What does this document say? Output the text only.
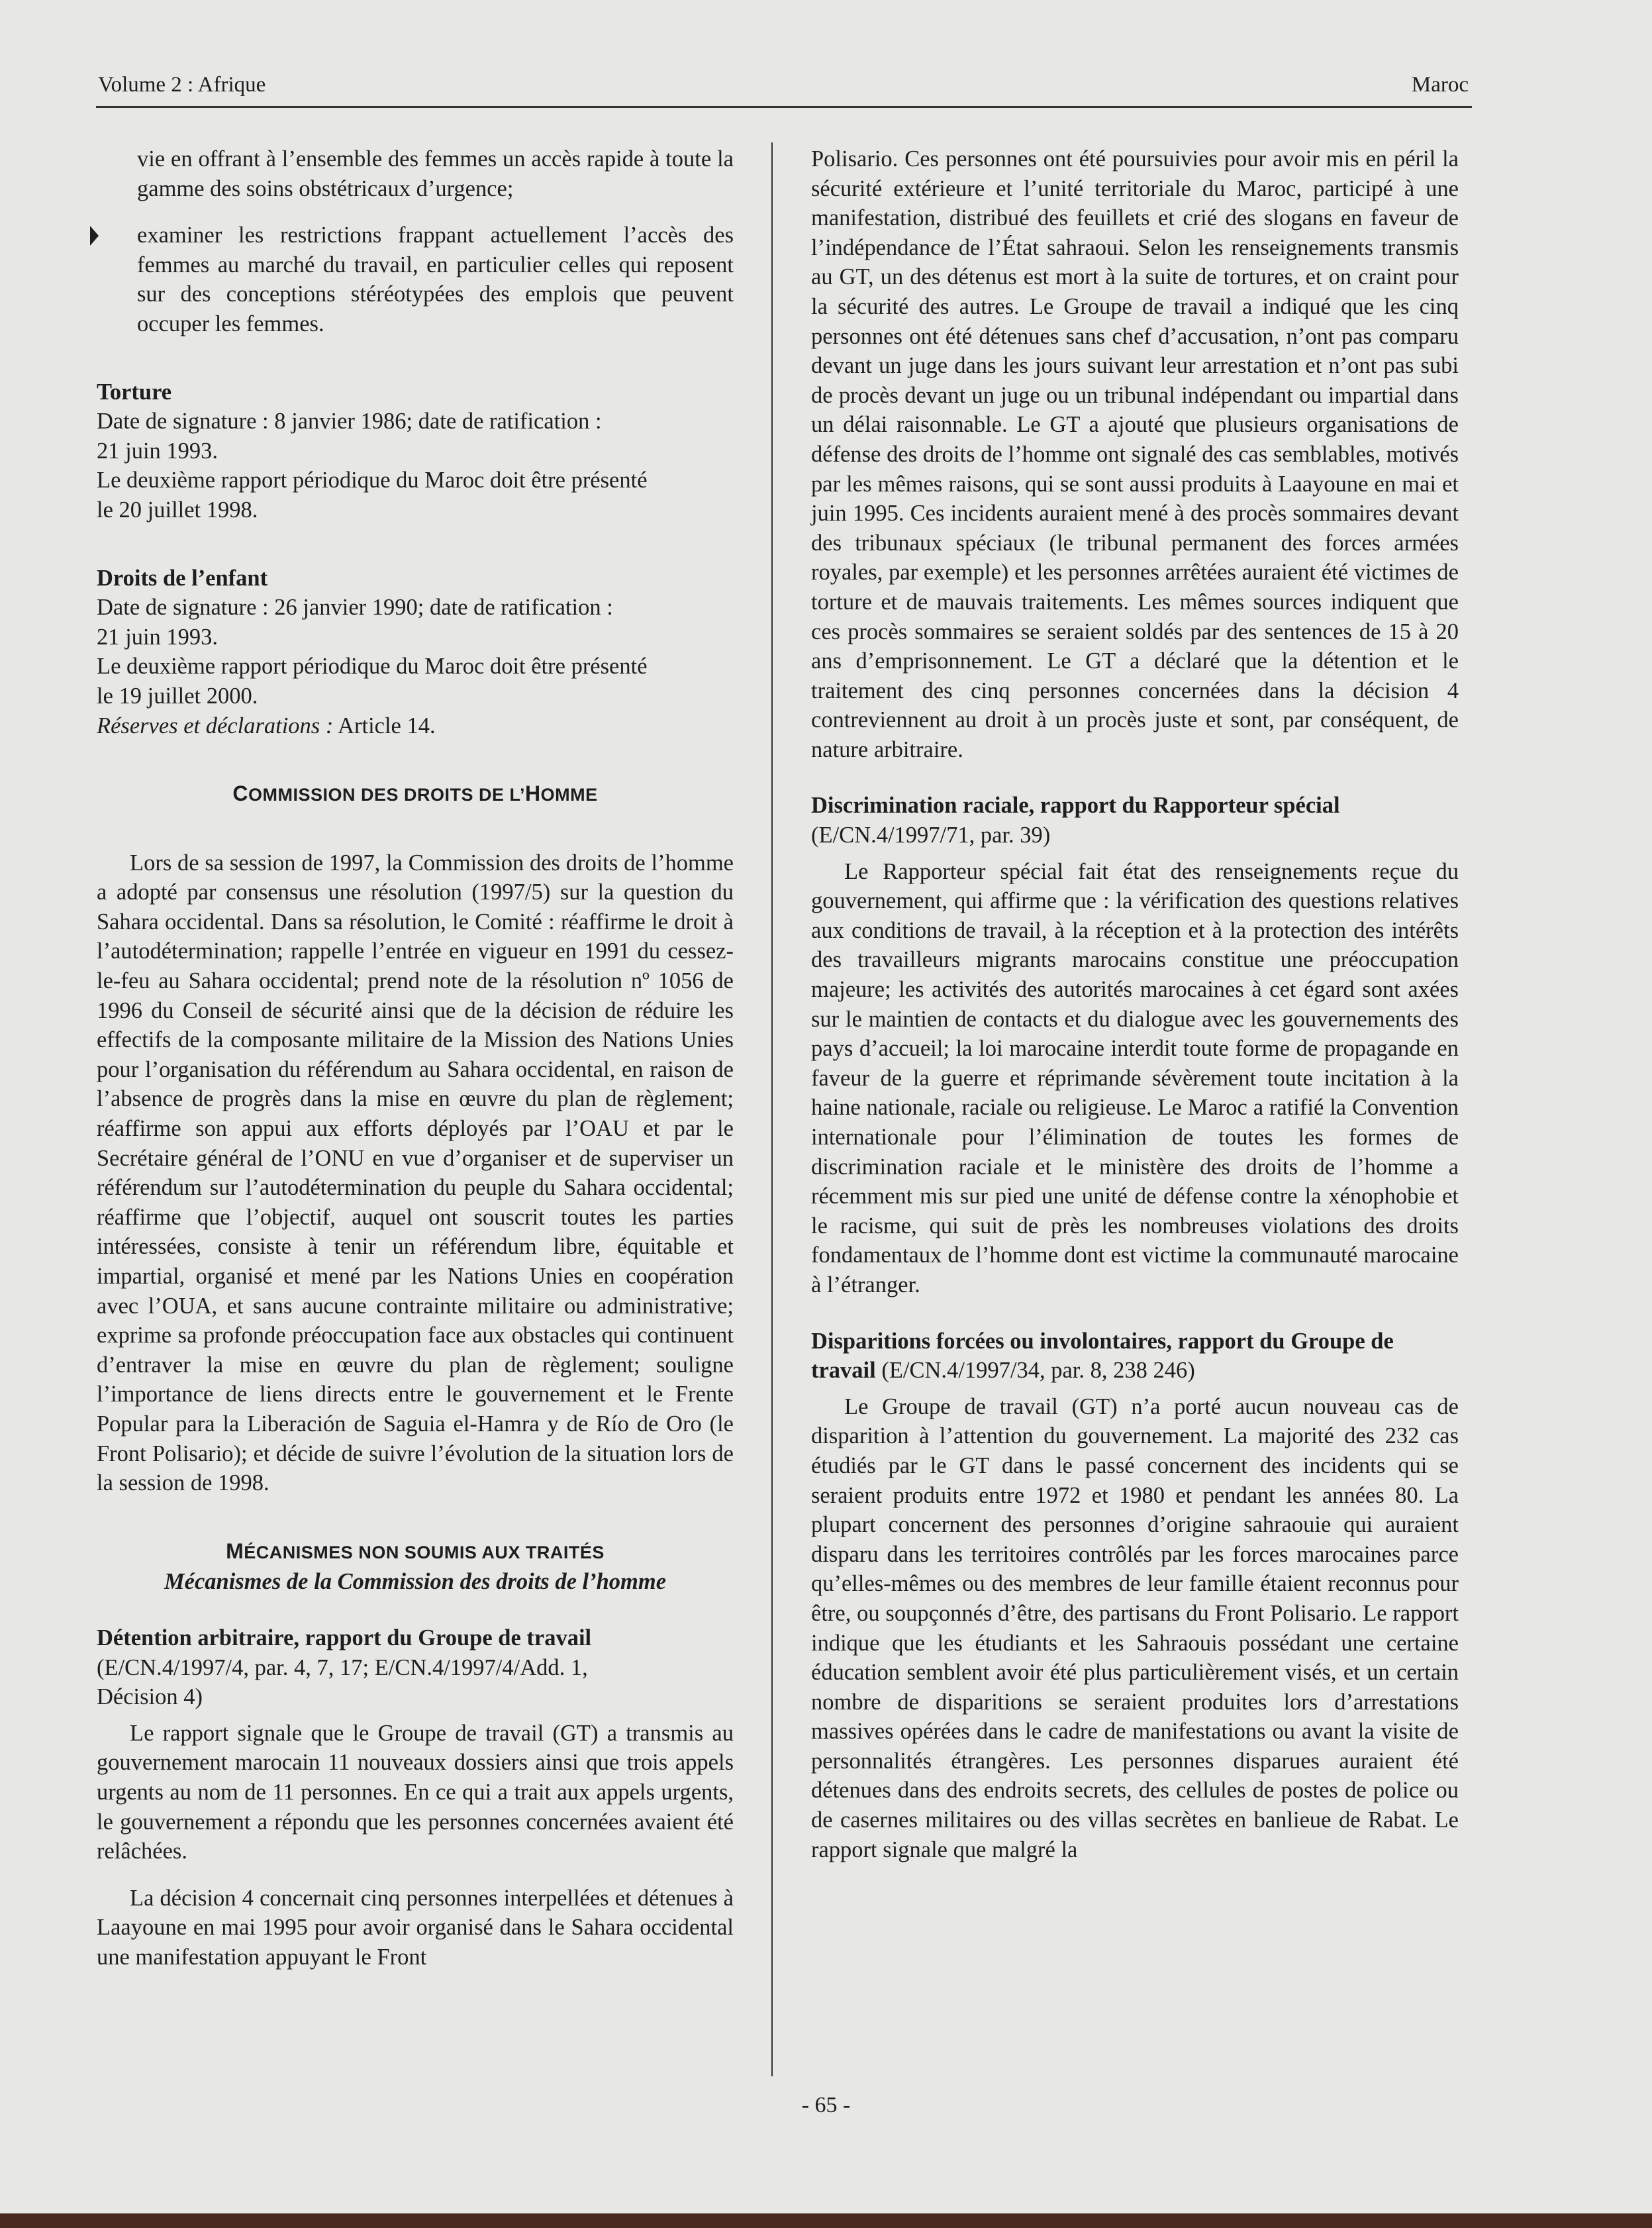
Volume 2 : Afrique	Maroc

vie en offrant à l’ensemble des femmes un accès rapide à toute la gamme des soins obstétricaux d’urgence;

examiner les restrictions frappant actuellement l’accès des femmes au marché du travail, en particulier celles qui reposent sur des conceptions stéréotypées des emplois que peuvent occuper les femmes.

Torture
Date de signature : 8 janvier 1986; date de ratification :
21 juin 1993.
Le deuxième rapport périodique du Maroc doit être présenté
le 20 juillet 1998.
Droits de l’enfant
Date de signature : 26 janvier 1990; date de ratification :
21 juin 1993.
Le deuxième rapport périodique du Maroc doit être présenté
le 19 juillet 2000.
Réserves et déclarations : Article 14.
COMMISSION DES DROITS DE L’HOMME

Lors de sa session de 1997, la Commission des droits de l’homme a adopté par consensus une résolution (1997/5) sur la question du Sahara occidental. Dans sa résolution, le Comité : réaffirme le droit à l’autodétermination; rappelle l’entrée en vigueur en 1991 du cessez-le-feu au Sahara occidental; prend note de la résolution nº 1056 de 1996 du Conseil de sécurité ainsi que de la décision de réduire les effectifs de la composante militaire de la Mission des Nations Unies pour l’organisation du référendum au Sahara occidental, en raison de l’absence de progrès dans la mise en œuvre du plan de règlement; réaffirme son appui aux efforts déployés par l’OAU et par le Secrétaire général de l’ONU en vue d’organiser et de superviser un référendum sur l’autodétermination du peuple du Sahara occidental; réaffirme que l’objectif, auquel ont souscrit toutes les parties intéressées, consiste à tenir un référendum libre, équitable et impartial, organisé et mené par les Nations Unies en coopération avec l’OUA, et sans aucune contrainte militaire ou administrative; exprime sa profonde préoccupation face aux obstacles qui continuent d’entraver la mise en œuvre du plan de règlement; souligne l’importance de liens directs entre le gouvernement et le Frente Popular para la Liberación de Saguia el-Hamra y de Río de Oro (le Front Polisario); et décide de suivre l’évolution de la situation lors de la session de 1998.

MÉCANISMES NON SOUMIS AUX TRAITÉS
Mécanismes de la Commission des droits de l’homme
Détention arbitraire, rapport du Groupe de travail
(E/CN.4/1997/4, par. 4, 7, 17; E/CN.4/1997/4/Add. 1,
Décision 4)

Le rapport signale que le Groupe de travail (GT) a transmis au gouvernement marocain 11 nouveaux dossiers ainsi que trois appels urgents au nom de 11 personnes. En ce qui a trait aux appels urgents, le gouvernement a répondu que les personnes concernées avaient été relâchées.

La décision 4 concernait cinq personnes interpellées et détenues à Laayoune en mai 1995 pour avoir organisé dans le Sahara occidental une manifestation appuyant le Front

Polisario. Ces personnes ont été poursuivies pour avoir mis en péril la sécurité extérieure et l’unité territoriale du Maroc, participé à une manifestation, distribué des feuillets et crié des slogans en faveur de l’indépendance de l’État sahraoui. Selon les renseignements transmis au GT, un des détenus est mort à la suite de tortures, et on craint pour la sécurité des autres. Le Groupe de travail a indiqué que les cinq personnes ont été détenues sans chef d’accusation, n’ont pas comparu devant un juge dans les jours suivant leur arrestation et n’ont pas subi de procès devant un juge ou un tribunal indépendant ou impartial dans un délai raisonnable. Le GT a ajouté que plusieurs organisations de défense des droits de l’homme ont signalé des cas semblables, motivés par les mêmes raisons, qui se sont aussi produits à Laayoune en mai et juin 1995. Ces incidents auraient mené à des procès sommaires devant des tribunaux spéciaux (le tribunal permanent des forces armées royales, par exemple) et les personnes arrêtées auraient été victimes de torture et de mauvais traitements. Les mêmes sources indiquent que ces procès sommaires se seraient soldés par des sentences de 15 à 20 ans d’emprisonnement. Le GT a déclaré que la détention et le traitement des cinq personnes concernées dans la décision 4 contreviennent au droit à un procès juste et sont, par conséquent, de nature arbitraire.

Discrimination raciale, rapport du Rapporteur spécial
(E/CN.4/1997/71, par. 39)

Le Rapporteur spécial fait état des renseignements reçue du gouvernement, qui affirme que : la vérification des questions relatives aux conditions de travail, à la réception et à la protection des intérêts des travailleurs migrants marocains constitue une préoccupation majeure; les activités des autorités marocaines à cet égard sont axées sur le maintien de contacts et du dialogue avec les gouvernements des pays d’accueil; la loi marocaine interdit toute forme de propagande en faveur de la guerre et réprimande sévèrement toute incitation à la haine nationale, raciale ou religieuse. Le Maroc a ratifié la Convention internationale pour l’élimination de toutes les formes de discrimination raciale et le ministère des droits de l’homme a récemment mis sur pied une unité de défense contre la xénophobie et le racisme, qui suit de près les nombreuses violations des droits fondamentaux de l’homme dont est victime la communauté marocaine à l’étranger.

Disparitions forcées ou involontaires, rapport du Groupe de travail (E/CN.4/1997/34, par. 8, 238 246)

Le Groupe de travail (GT) n’a porté aucun nouveau cas de disparition à l’attention du gouvernement. La majorité des 232 cas étudiés par le GT dans le passé concernent des incidents qui se seraient produits entre 1972 et 1980 et pendant les années 80. La plupart concernent des personnes d’origine sahraouie qui auraient disparu dans les territoires contrôlés par les forces marocaines parce qu’elles-mêmes ou des membres de leur famille étaient reconnus pour être, ou soupçonnés d’être, des partisans du Front Polisario. Le rapport indique que les étudiants et les Sahraouis possédant une certaine éducation semblent avoir été plus particulièrement visés, et un certain nombre de disparitions se seraient produites lors d’arrestations massives opérées dans le cadre de manifestations ou avant la visite de personnalités étrangères. Les personnes disparues auraient été détenues dans des endroits secrets, des cellules de postes de police ou de casernes militaires ou des villas secrètes en banlieue de Rabat. Le rapport signale que malgré la

- 65 -
